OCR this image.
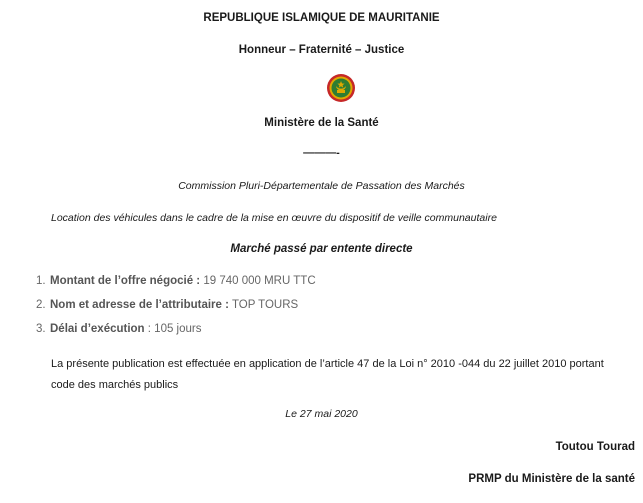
REPUBLIQUE ISLAMIQUE DE MAURITANIE
Honneur – Fraternité – Justice
Ministère de la Santé
———-
Commission Pluri-Départementale de Passation des Marchés
Location des véhicules dans le cadre de la mise en œuvre du dispositif de veille communautaire
Marché passé par entente directe
1. Montant de l’offre négocié : 19 740 000 MRU TTC
2. Nom et adresse de l’attributaire : TOP TOURS
3. Délai d’exécution : 105 jours
La présente publication est effectuée en application de l’article 47 de la Loi n° 2010 -044 du 22 juillet 2010 portant code des marchés publics
Le 27 mai 2020
Toutou Tourad
PRMP du Ministère de la santé
